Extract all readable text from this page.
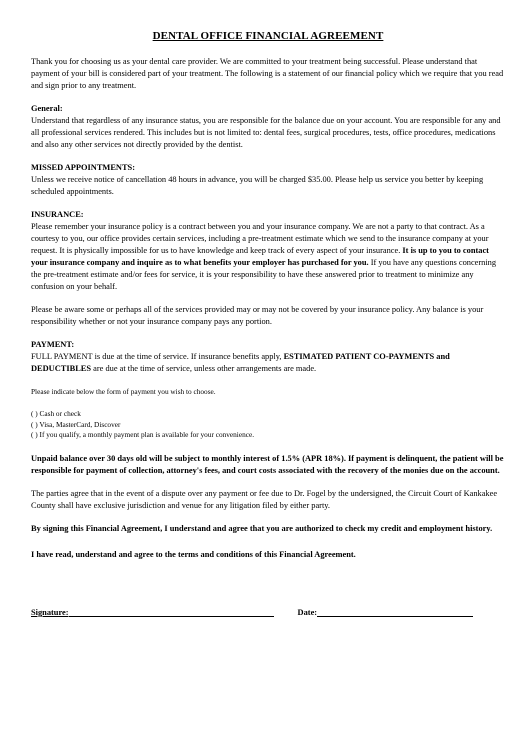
DENTAL OFFICE FINANCIAL AGREEMENT

Thank you for choosing us as your dental care provider. We are committed to your treatment being successful. Please understand that payment of your bill is considered part of your treatment. The following is a statement of our financial policy which we require that you read and sign prior to any treatment.

General:

Understand that regardless of any insurance status, you are responsible for the balance due on your account. You are responsible for any and all professional services rendered. This includes but is not limited to: dental fees, surgical procedures, tests, office procedures, medications and also any other services not directly provided by the dentist.

MISSED APPOINTMENTS:

Unless we receive notice of cancellation 48 hours in advance, you will be charged $35.00. Please help us service you better by keeping scheduled appointments.

INSURANCE:

Please remember your insurance policy is a contract between you and your insurance company. We are not a party to that contract. As a courtesy to you, our office provides certain services, including a pre-treatment estimate which we send to the insurance company at your request. It is physically impossible for us to have knowledge and keep track of every aspect of your insurance. It is up to you to contact your insurance company and inquire as to what benefits your employer has purchased for you. If you have any questions concerning the pre-treatment estimate and/or fees for service, it is your responsibility to have these answered prior to treatment to minimize any confusion on your behalf.

Please be aware some or perhaps all of the services provided may or may not be covered by your insurance policy. Any balance is your responsibility whether or not your insurance company pays any portion.

PAYMENT:

FULL PAYMENT is due at the time of service. If insurance benefits apply, ESTIMATED PATIENT CO-PAYMENTS and DEDUCTIBLES are due at the time of service, unless other arrangements are made.

Please indicate below the form of payment you wish to choose.

( ) Cash or check
( ) Visa, MasterCard, Discover
( ) If you qualify, a monthly payment plan is available for your convenience.

Unpaid balance over 30 days old will be subject to monthly interest of 1.5% (APR 18%). If payment is delinquent, the patient will be responsible for payment of collection, attorney's fees, and court costs associated with the recovery of the monies due on the account.

The parties agree that in the event of a dispute over any payment or fee due to Dr. Fogel by the undersigned, the Circuit Court of Kankakee County shall have exclusive jurisdiction and venue for any litigation filed by either party.

By signing this Financial Agreement, I understand and agree that you are authorized to check my credit and employment history.

I have read, understand and agree to the terms and conditions of this Financial Agreement.

Signature:	Date:
